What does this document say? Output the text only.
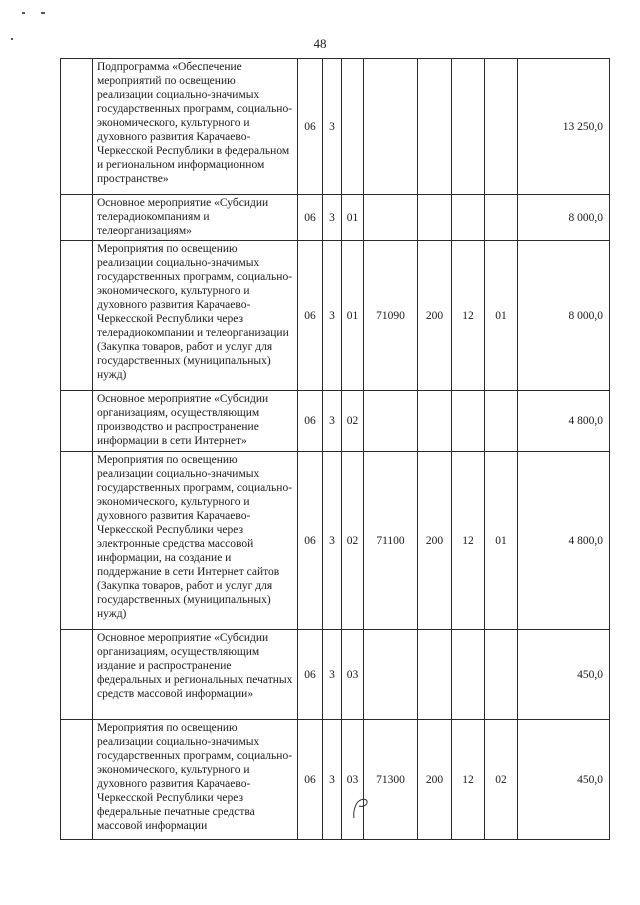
48
	Подпрограмма «Обеспечение мероприятий по освещению реализации социально-значимых государственных программ, социально-экономического, культурного и духовного развития Карачаево-Черкесской Республики в федеральном и региональном информационном пространстве»	06	3						13 250,0
	Основное мероприятие «Субсидии телерадиокомпаниям и телеорганизациям»	06	3	01					8 000,0
	Мероприятия по освещению реализации социально-значимых государственных программ, социально-экономического, культурного и духовного развития Карачаево-Черкесской Республики через телерадиокомпании и телеорганизации (Закупка товаров, работ и услуг для государственных (муниципальных) нужд)	06	3	01	71090	200	12	01	8 000,0
	Основное мероприятие «Субсидии организациям, осуществляющим производство и распространение информации в сети Интернет»	06	3	02					4 800,0
	Мероприятия по освещению реализации социально-значимых государственных программ, социально-экономического, культурного и духовного развития Карачаево-Черкесской Республики через электронные средства массовой информации, на создание и поддержание в сети Интернет сайтов (Закупка товаров, работ и услуг для государственных (муниципальных) нужд)	06	3	02	71100	200	12	01	4 800,0
	Основное мероприятие «Субсидии организациям, осуществляющим издание и распространение федеральных и региональных печатных средств массовой информации»	06	3	03					450,0
	Мероприятия по освещению реализации социально-значимых государственных программ, социально-экономического, культурного и духовного развития Карачаево-Черкесской Республики через федеральные печатные средства массовой информации	06	3	03	71300	200	12	02	450,0
